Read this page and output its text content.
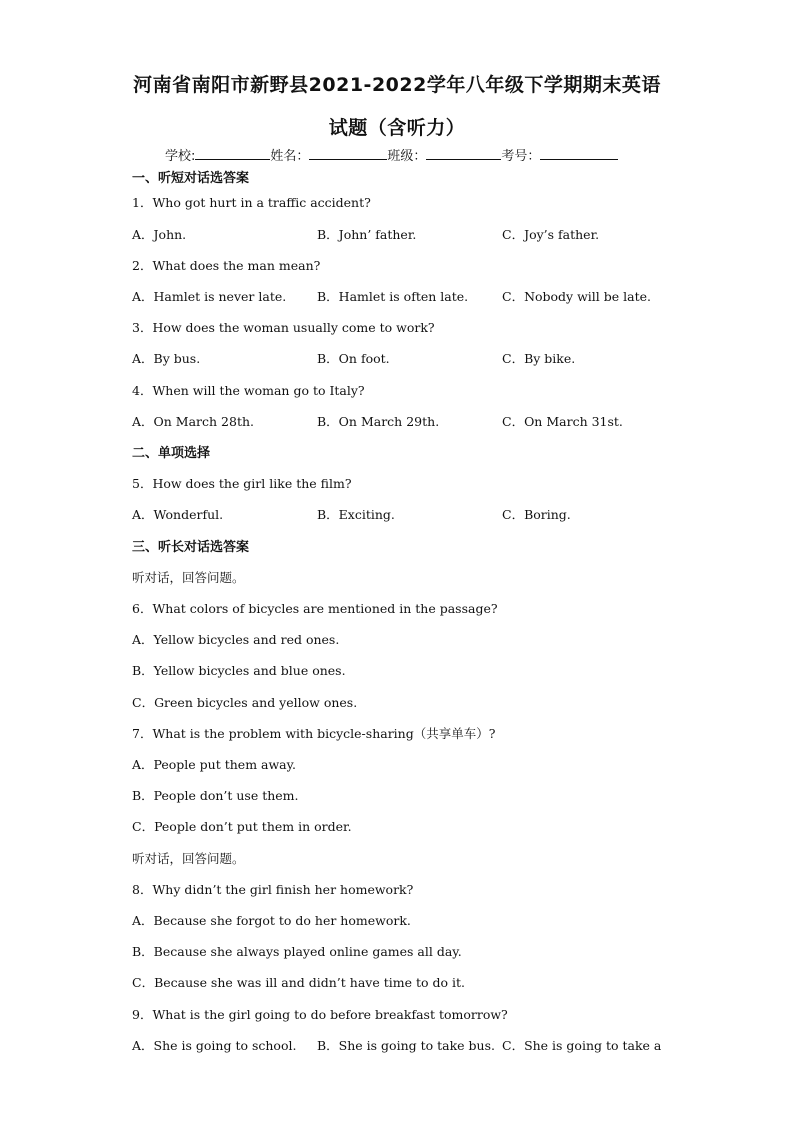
河南省南阳市新野县2021-2022学年八年级下学期期末英语
试题（含听力）
学校:	姓名：	班级：	考号：
一、听短对话选答案
1．Who got hurt in a traffic accident?
A．John.	B．John’ father.	C．Joy’s father.
2．What does the man mean?
A．Hamlet is never late. B．Hamlet is often late.	C．Nobody will be late.
3．How does the woman usually come to work?
A．By bus.	B．On foot.	C．By bike.
4．When will the woman go to Italy?
A．On March 28th.	B．On March 29th.	C．On March 31st.
二、单项选择
5．How does the girl like the film?
A．Wonderful.	B．Exciting.	C．Boring.
三、听长对话选答案
听对话，回答问题。
6．What colors of bicycles are mentioned in the passage?
A．Yellow bicycles and red ones.
B．Yellow bicycles and blue ones.
C．Green bicycles and yellow ones.
7．What is the problem with bicycle-sharing（共享单车）?
A．People put them away.
B．People don’t use them.
C．People don’t put them in order.
听对话，回答问题。
8．Why didn’t the girl finish her homework?
A．Because she forgot to do her homework.
B．Because she always played online games all day.
C．Because she was ill and didn’t have time to do it.
9．What is the girl going to do before breakfast tomorrow?
A．She is going to school. B．She is going to take bus. C．She is going to take a
